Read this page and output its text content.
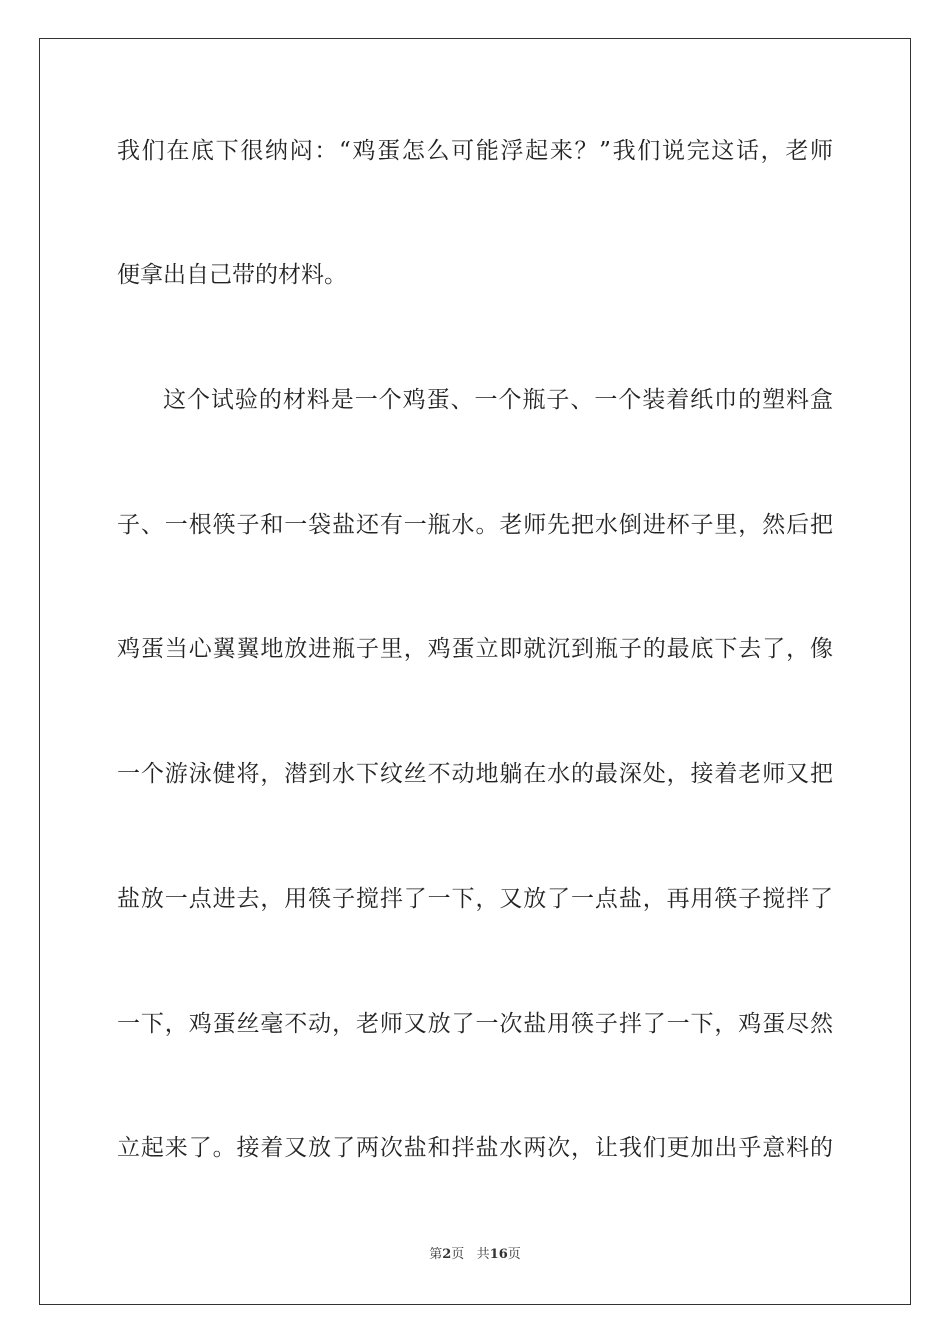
我们在底下很纳闷：“鸡蛋怎么可能浮起来？”我们说完这话，老师
便拿出自己带的材料。
这个试验的材料是一个鸡蛋、一个瓶子、一个装着纸巾的塑料盒
子、一根筷子和一袋盐还有一瓶水。老师先把水倒进杯子里，然后把
鸡蛋当心翼翼地放进瓶子里，鸡蛋立即就沉到瓶子的最底下去了，像
一个游泳健将，潜到水下纹丝不动地躺在水的最深处，接着老师又把
盐放一点进去，用筷子搅拌了一下，又放了一点盐，再用筷子搅拌了
一下，鸡蛋丝毫不动，老师又放了一次盐用筷子拌了一下，鸡蛋尽然
立起来了。接着又放了两次盐和拌盐水两次，让我们更加出乎意料的
第2页 共16页
